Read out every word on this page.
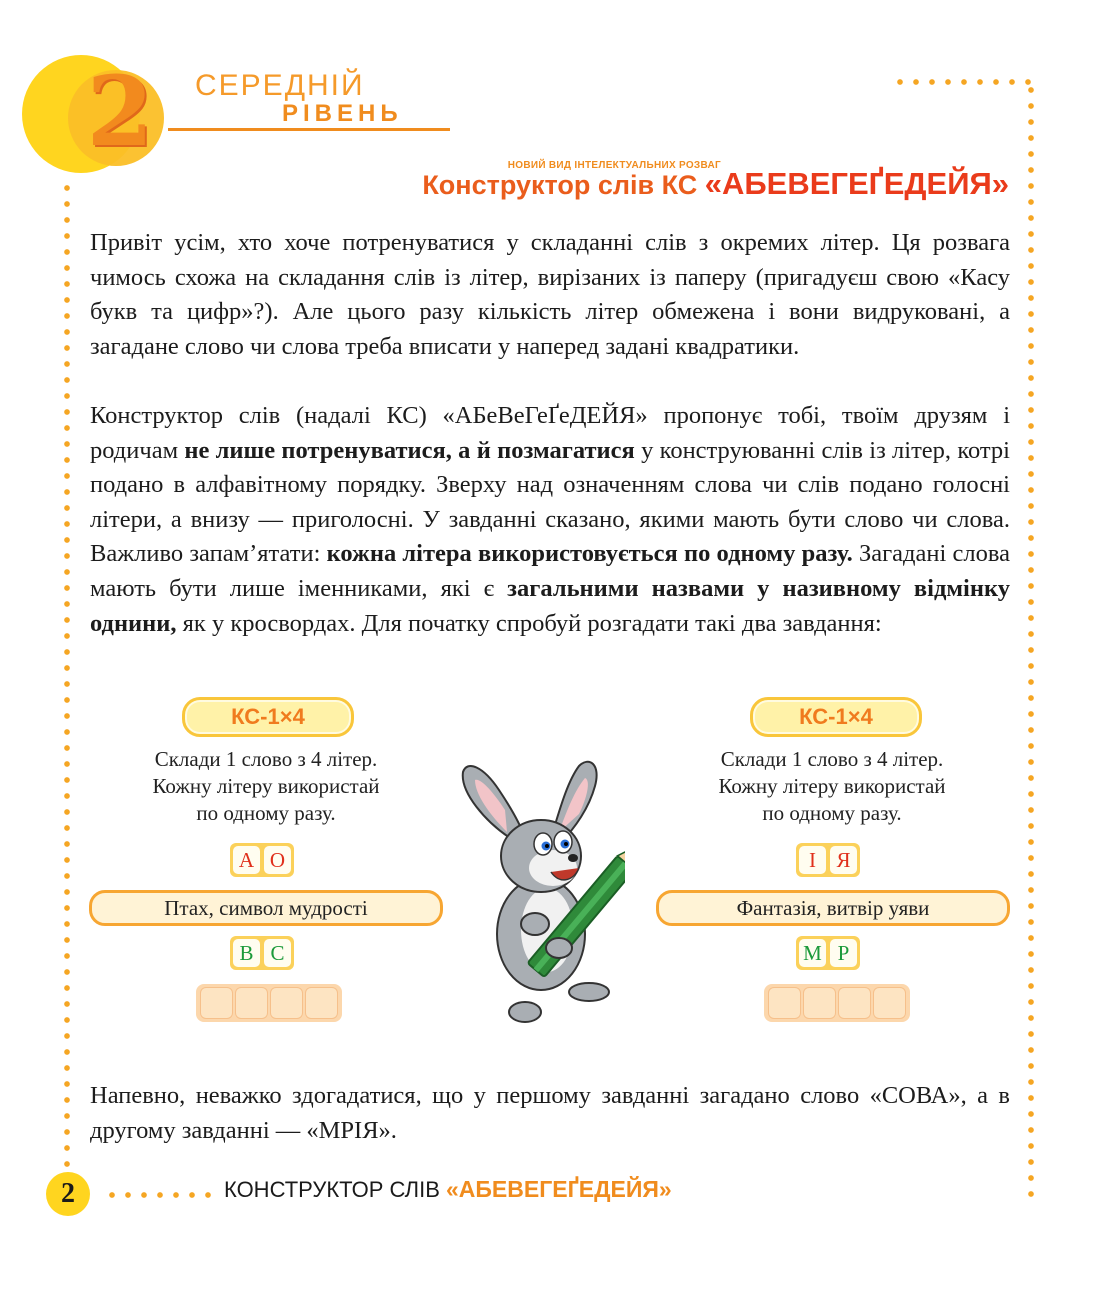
2	СЕРЕДНІЙ
РІВЕНЬ
НОВИЙ ВИД ІНТЕЛЕКТУАЛЬНИХ РОЗВАГ
Конструктор слів КС «АБЕВЕГЕҐЕДЕЙЯ»
Привіт усім, хто хоче потренуватися у складанні слів з окремих літер. Ця розвага чимось схожа на складання слів із літер, вирізаних із паперу (пригадуєш свою «Касу букв та цифр»?). Але цього разу кількість літер обмежена і вони видруковані, а загадане слово чи слова треба вписати у наперед задані квадратики.
Конструктор слів (надалі КС) «АБеВеГеҐеДЕЙЯ» пропонує тобі, твоїм друзям і родичам не лише потренуватися, а й позмагатися у конструюванні слів із літер, котрі подано в алфавітному порядку. Зверху над означенням слова чи слів подано голосні літери, а внизу — приголосні. У завданні сказано, якими мають бути слово чи слова. Важливо запам’ятати: кожна літера використовується по одному разу. Загадані слова мають бути лише іменниками, які є загальними назвами у називному відмінку однини, як у кросвордах. Для початку спробуй розгадати такі два завдання:
КС-1×4
Склади 1 слово з 4 літер.
Кожну літеру використай
по одному разу.
А О
Птах, символ мудрості
В С
КС-1×4
Склади 1 слово з 4 літер.
Кожну літеру використай
по одному разу.
І Я
Фантазія, витвір уяви
М Р
Напевно, неважко здогадатися, що у першому завданні загадано слово «СОВА», а в другому завданні — «МРІЯ».
2	КОНСТРУКТОР СЛІВ «АБЕВЕГЕҐЕДЕЙЯ»
